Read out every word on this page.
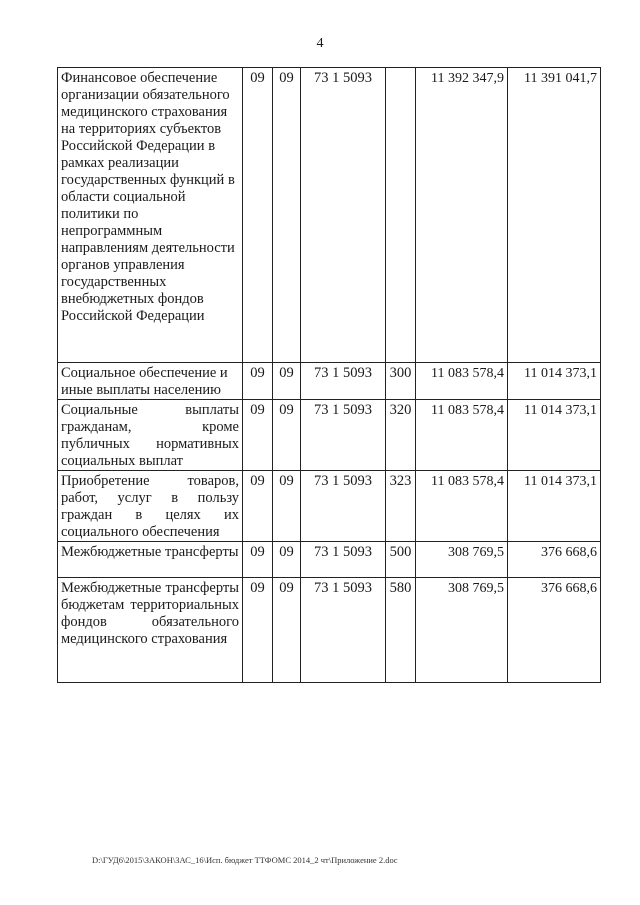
4
Финансовое обеспечение организации обязательного медицинского страхования на территориях субъектов Российской Федерации в рамках реализации государственных функций в области социальной политики по непрограммным направлениям деятельности органов управления государственных внебюджетных фондов Российской Федерации	09	09	73 1 5093		11 392 347,9	11 391 041,7
Социальное обеспечение и иные выплаты населению	09	09	73 1 5093	300	11 083 578,4	11 014 373,1
Социальные выплаты гражданам, кроме публичных нормативных социальных выплат	09	09	73 1 5093	320	11 083 578,4	11 014 373,1
Приобретение товаров, работ, услуг в пользу граждан в целях их социального обеспечения	09	09	73 1 5093	323	11 083 578,4	11 014 373,1
Межбюджетные трансферты	09	09	73 1 5093	500	308 769,5	376 668,6
Межбюджетные трансферты бюджетам территориальных фондов обязательного медицинского страхования	09	09	73 1 5093	580	308 769,5	376 668,6
D:\ГУД6\2015\ЗАКОН\ЗАС_16\Исп. бюджет ТТФОМС 2014_2 чт\Приложение 2.doc
